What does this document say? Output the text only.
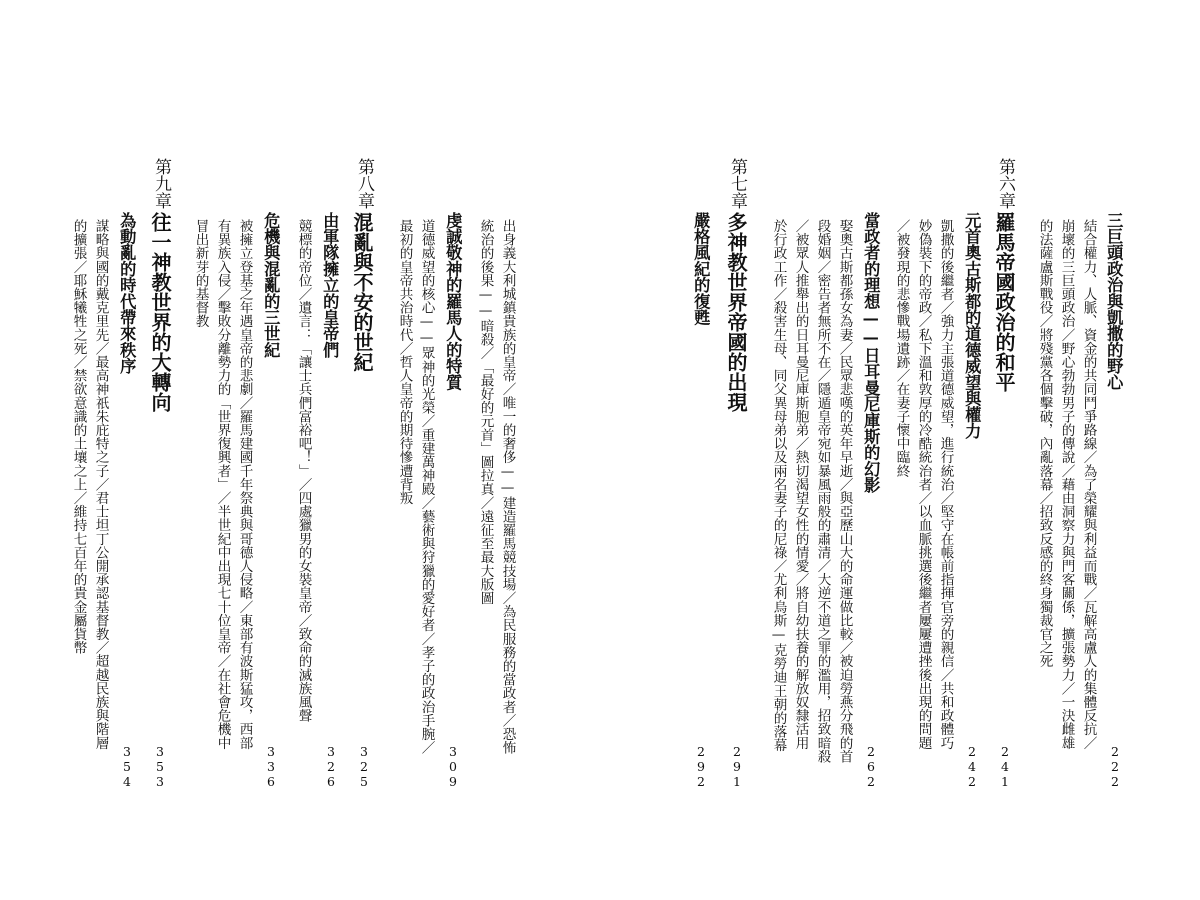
出身義大利城鎮貴族的皇帝／唯一的奢侈——建造羅馬競技場／為民服務的當政者／恐怖
統治的後果——暗殺／「最好的元首」圖拉真／遠征至最大版圖
虔誠敬神的羅馬人的特質
道德威望的核心——眾神的光榮／重建萬神殿／藝術與狩獵的愛好者／孝子的政治手腕／
最初的皇帝共治時代／哲人皇帝的期待慘遭背叛
309
第八章
混亂與不安的世紀
325
由軍隊擁立的皇帝們
競標的帝位／遺言：「讓士兵們富裕吧！」／四處獵男的女裝皇帝／致命的滅族風聲
326
危機與混亂的三世紀
被擁立登基之年遇皇帝的悲劇／羅馬建國千年祭典與哥德人侵略／東部有波斯猛攻，西部
有異族入侵／擊敗分離勢力的「世界復興者」／半世紀中出現七十位皇帝／在社會危機中
冒出新芽的基督教
336
第九章
往一神教世界的大轉向
353
為動亂的時代帶來秩序
謀略與國的戴克里先／最高神祇朱庇特之子／君士坦丁公開承認基督教／超越民族與階層
的擴張／耶穌犧牲之死／禁欲意識的土壤之上／維持七百年的貴金屬貨幣
354
三巨頭政治與凱撒的野心
結合權力、人脈、資金的共同鬥爭路線／為了榮耀與利益而戰／瓦解高盧人的集體反抗／
崩壞的三巨頭政治／野心勃勃男子的傳說／藉由洞察力與門客關係，擴張勢力／一決雌雄
的法薩盧斯戰役／將殘黨各個擊破，內亂落幕／招致反感的終身獨裁官之死
222
第六章
羅馬帝國政治的和平
241
元首奧古斯都的道德威望與權力
凱撒的後繼者／強力主張道德威望，進行統治／堅守在帳前指揮官旁的親信／共和政體巧
妙偽裝下的帝政／私下溫和敦厚的冷酷統治者／以血脈挑選後繼者屢屢遭挫後出現的問題
／被發現的悲慘戰場遺跡／在妻子懷中臨終
242
當政者的理想——日耳曼尼庫斯的幻影
娶奧古斯都孫女為妻／民眾悲嘆的英年早逝／與亞歷山大的命運做比較／被迫勞燕分飛的首
段婚姻／密告者無所不在／隱遁皇帝宛如暴風雨般的肅清／大逆不道之罪的濫用，招致暗殺
／被眾人推舉出的日耳曼尼庫斯胞弟／熱切渴望女性的情愛／將自幼扶養的解放奴隸活用
於行政工作／殺害生母、同父異母弟以及兩名妻子的尼祿／尤利烏斯—克勞迪王朝的落幕
262
第七章
多神教世界帝國的出現
291
嚴格風紀的復甦
292
